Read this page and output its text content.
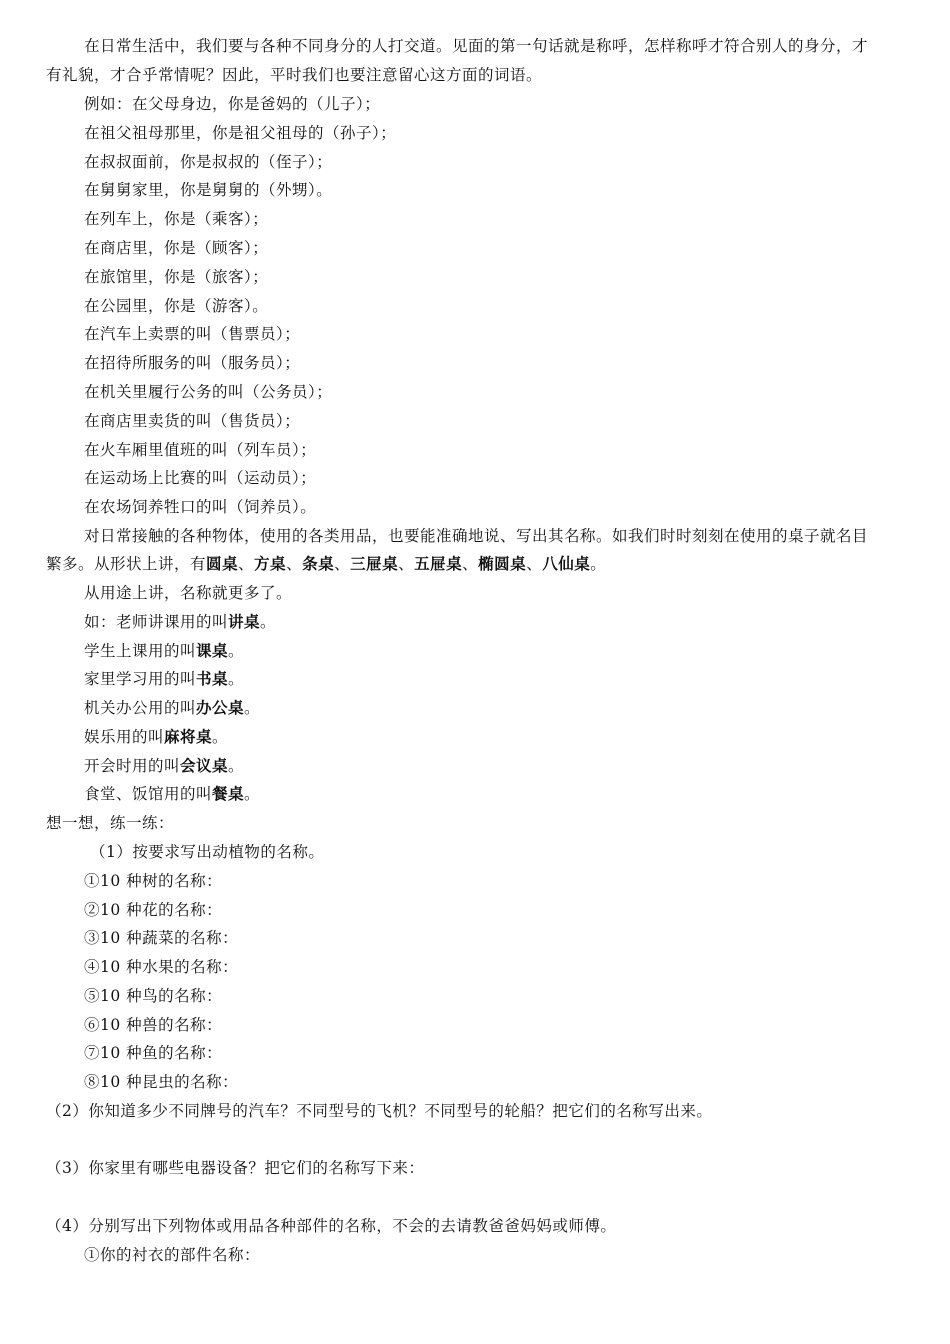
在日常生活中，我们要与各种不同身分的人打交道。见面的第一句话就是称呼，怎样称呼才符合别人的身分，才
有礼貌，才合乎常情呢？因此，平时我们也要注意留心这方面的词语。
例如：在父母身边，你是爸妈的（儿子）；
在祖父祖母那里，你是祖父祖母的（孙子）；
在叔叔面前，你是叔叔的（侄子）；
在舅舅家里，你是舅舅的（外甥）。
在列车上，你是（乘客）；
在商店里，你是（顾客）；
在旅馆里，你是（旅客）；
在公园里，你是（游客）。
在汽车上卖票的叫（售票员）；
在招待所服务的叫（服务员）；
在机关里履行公务的叫（公务员）；
在商店里卖货的叫（售货员）；
在火车厢里值班的叫（列车员）；
在运动场上比赛的叫（运动员）；
在农场饲养牲口的叫（饲养员）。
对日常接触的各种物体，使用的各类用品，也要能准确地说、写出其名称。如我们时时刻刻在使用的桌子就名目
繁多。从形状上讲，有圆桌、方桌、条桌、三屉桌、五屉桌、椭圆桌、八仙桌。
从用途上讲，名称就更多了。
如：老师讲课用的叫讲桌。
学生上课用的叫课桌。
家里学习用的叫书桌。
机关办公用的叫办公桌。
娱乐用的叫麻将桌。
开会时用的叫会议桌。
食堂、饭馆用的叫餐桌。
想一想，练一练：
（1）按要求写出动植物的名称。
①10 种树的名称：
②10 种花的名称：
③10 种蔬菜的名称：
④10 种水果的名称：
⑤10 种鸟的名称：
⑥10 种兽的名称：
⑦10 种鱼的名称：
⑧10 种昆虫的名称：
（2）你知道多少不同牌号的汽车？不同型号的飞机？不同型号的轮船？把它们的名称写出来。
（3）你家里有哪些电器设备？把它们的名称写下来：
（4）分别写出下列物体或用品各种部件的名称，不会的去请教爸爸妈妈或师傅。
①你的衬衣的部件名称：
